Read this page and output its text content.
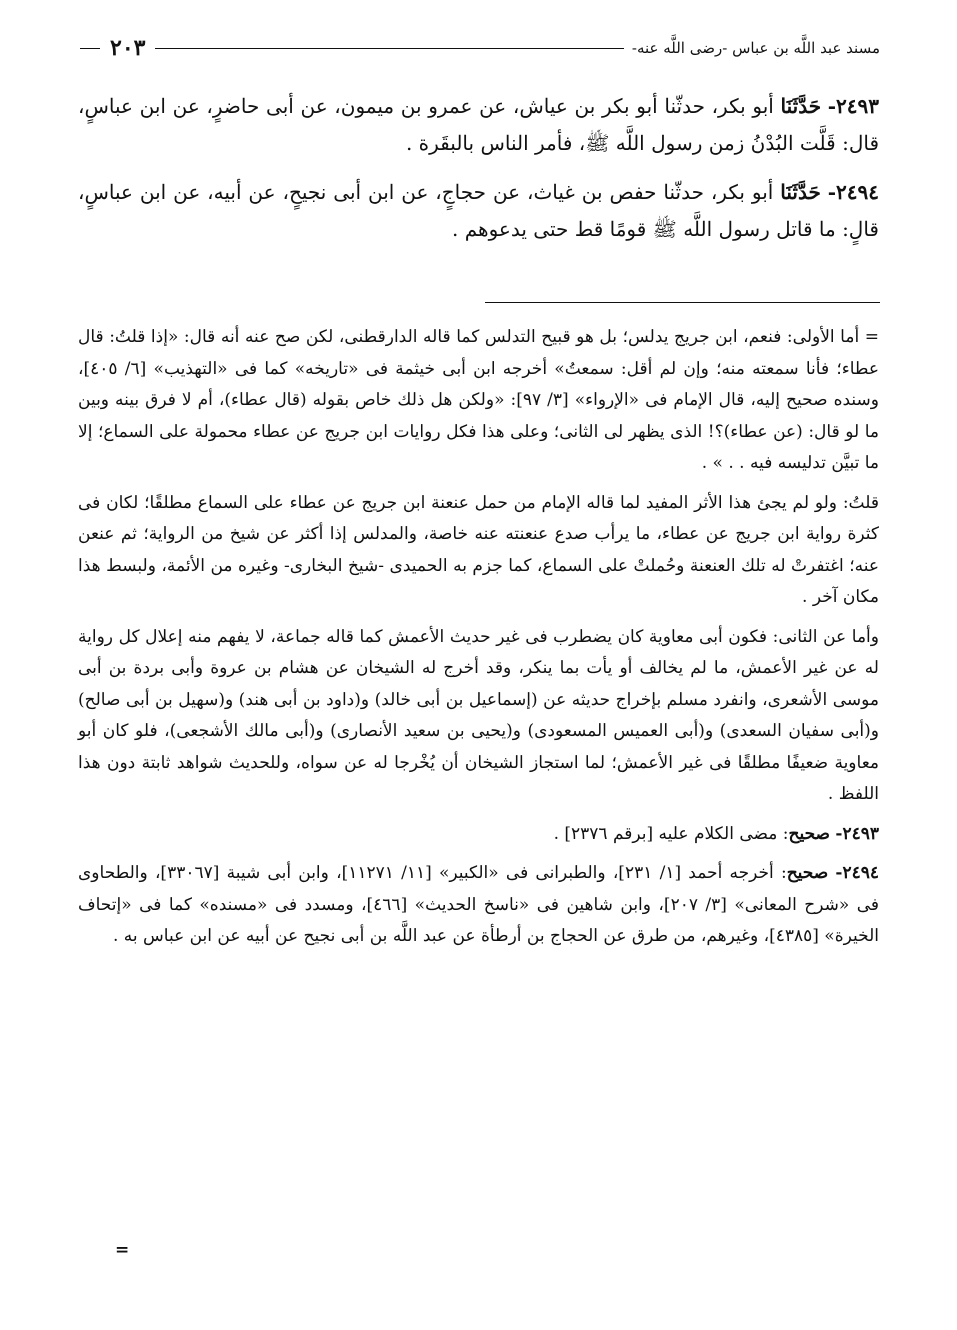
مسند عبد اللَّه بن عباس -رضى اللَّه عنه-
٢٠٣

٢٤٩٣- حَدَّثَنَا أبو بكر، حدثّنا أبو بكر بن عياش، عن عمرو بن ميمون، عن أبى حاضرٍ، عن ابن عباسٍ، قال: قَلَّت البُدْنُ زمن رسول اللَّه ﷺ، فأمر الناس بالبقَرة .

٢٤٩٤- حَدَّثَنَا أبو بكر، حدثّنا حفص بن غياث، عن حجاجٍ، عن ابن أبى نجيحٍ، عن أبيه، عن ابن عباسٍ، قالٍ: ما قاتل رسول اللَّه ﷺ قومًا قط حتى يدعوهم .

= أما الأولى: فنعم، ابن جريج يدلس؛ بل هو قبيح التدلس كما قاله الدارقطنى، لكن صح عنه أنه قال: «إذا قلتُ: قال عطاء؛ فأنا سمعته منه؛ وإن لم أقل: سمعتُ» أخرجه ابن أبى خيثمة فى «تاريخه» كما فى «التهذيب» [٦/ ٤٠٥]، وسنده صحيح إليه، قال الإمام فى «الإرواء» [٣/ ٩٧]: «ولكن هل ذلك خاص بقوله (قال عطاء)، أم لا فرق بينه وبين ما لو قال: (عن عطاء)؟! الذى يظهر لى الثانى؛ وعلى هذا فكل روايات ابن جريج عن عطاء محمولة على السماع؛ إلا ما تبيَّن تدليسه فيه . . » .

قلتُ: ولو لم يجئ هذا الأثر المفيد لما قاله الإمام من حمل عنعنة ابن جريج عن عطاء على السماع مطلقًا؛ لكان فى كثرة رواية ابن جريج عن عطاء، ما يرأب صدع عنعنته عنه خاصة، والمدلس إذا أكثر عن شيخ من الرواية؛ ثم عنعن عنه؛ اغتفرتْ له تلك العنعنة وحُملتْ على السماع، كما جزم به الحميدى -شيخ البخارى- وغيره من الأئمة، ولبسط هذا مكان آخر .

وأما عن الثانى: فكون أبى معاوية كان يضطرب فى غير حديث الأعمش كما قاله جماعة، لا يفهم منه إعلال كل رواية له عن غير الأعمش، ما لم يخالف أو يأت بما ينكر، وقد أخرج له الشيخان عن هشام بن عروة وأبى بردة بن أبى موسى الأشعرى، وانفرد مسلم بإخراج حديثه عن (إسماعيل بن أبى خالد) و(داود بن أبى هند) و(سهيل بن أبى صالح) و(أبى سفيان السعدى) و(أبى العميس المسعودى) و(يحيى بن سعيد الأنصارى) و(أبى مالك الأشجعى)، فلو كان أبو معاوية ضعيفًا مطلقًا فى غير الأعمش؛ لما استجاز الشيخان أن يُخْرجا له عن سواه، وللحديث شواهد ثابتة دون هذا اللفظ .

٢٤٩٣- صحيح: مضى الكلام عليه [برقم ٢٣٧٦] .

٢٤٩٤- صحيح: أخرجه أحمد [١/ ٢٣١]، والطبرانى فى «الكبير» [١١/ ١١٢٧١]، وابن أبى شيبة [٣٣٠٦٧]، والطحاوى فى «شرح المعانى» [٣/ ٢٠٧]، وابن شاهين فى «ناسخ الحديث» [٤٦٦]، ومسدد فى «مسنده» كما فى «إتحاف الخيرة» [٤٣٨٥]، وغيرهم، من طرق عن الحجاج بن أرطأة عن عبد اللَّه بن أبى نجيح عن أبيه عن ابن عباس به .

=
